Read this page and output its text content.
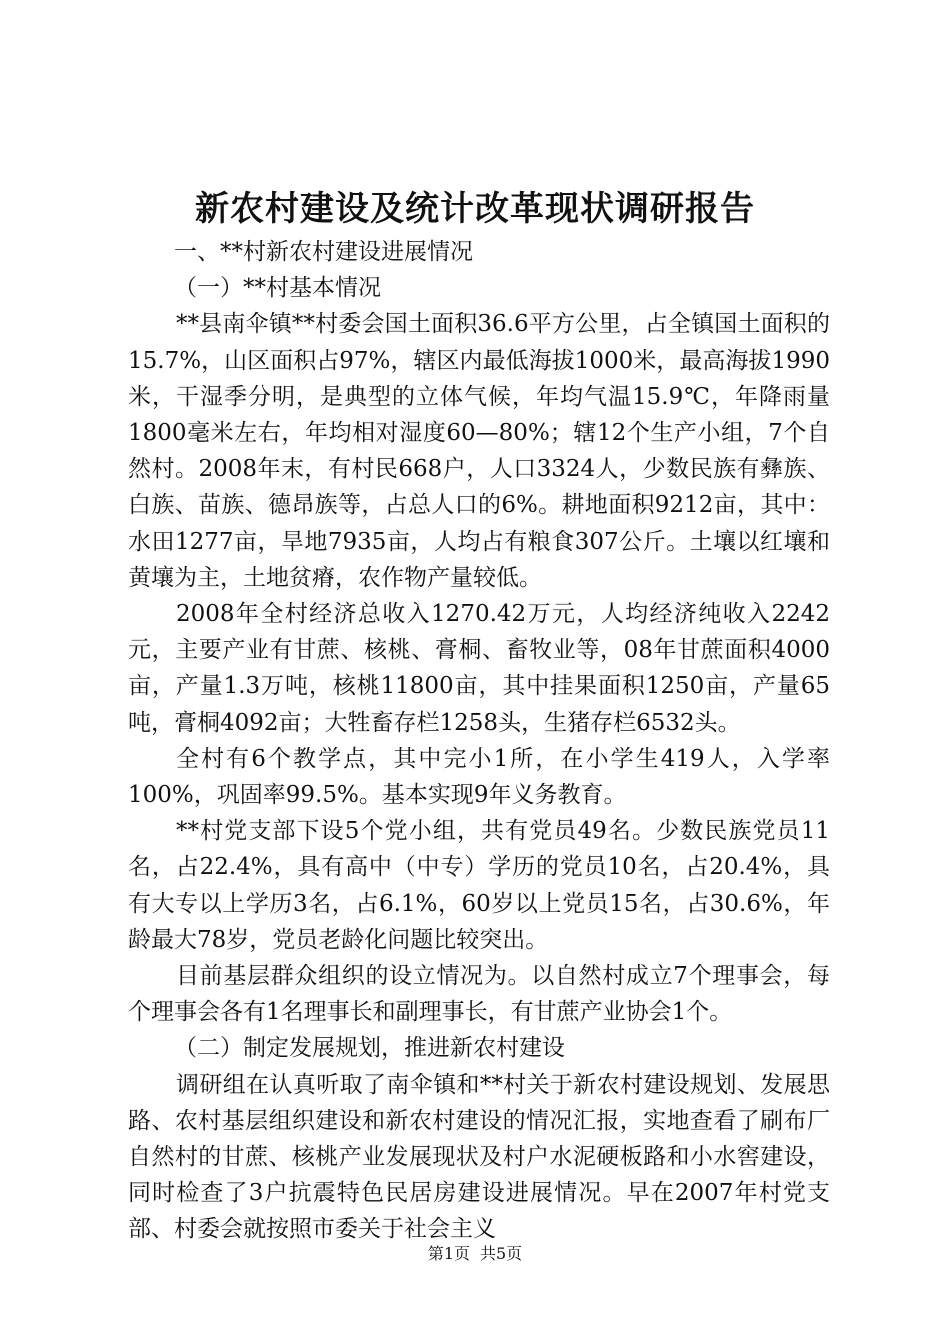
新农村建设及统计改革现状调研报告

一、**村新农村建设进展情况

（一）**村基本情况

**县南伞镇**村委会国土面积36.6平方公里，占全镇国土面积的15.7%，山区面积占97%，辖区内最低海拔1000米，最高海拔1990米，干湿季分明，是典型的立体气候，年均气温15.9℃，年降雨量1800毫米左右，年均相对湿度60—80%；辖12个生产小组，7个自然村。2008年末，有村民668户，人口3324人，少数民族有彝族、白族、苗族、德昂族等，占总人口的6%。耕地面积9212亩，其中：水田1277亩，旱地7935亩，人均占有粮食307公斤。土壤以红壤和黄壤为主，土地贫瘠，农作物产量较低。

2008年全村经济总收入1270.42万元，人均经济纯收入2242元，主要产业有甘蔗、核桃、膏桐、畜牧业等，08年甘蔗面积4000亩，产量1.3万吨，核桃11800亩，其中挂果面积1250亩，产量65吨，膏桐4092亩；大牲畜存栏1258头，生猪存栏6532头。

全村有6个教学点，其中完小1所，在小学生419人，入学率100%，巩固率99.5%。基本实现9年义务教育。

**村党支部下设5个党小组，共有党员49名。少数民族党员11名，占22.4%，具有高中（中专）学历的党员10名，占20.4%，具有大专以上学历3名，占6.1%，60岁以上党员15名，占30.6%，年龄最大78岁，党员老龄化问题比较突出。

目前基层群众组织的设立情况为。以自然村成立7个理事会，每个理事会各有1名理事长和副理事长，有甘蔗产业协会1个。

（二）制定发展规划，推进新农村建设

调研组在认真听取了南伞镇和**村关于新农村建设规划、发展思路、农村基层组织建设和新农村建设的情况汇报，实地查看了刷布厂自然村的甘蔗、核桃产业发展现状及村户水泥硬板路和小水窖建设，同时检查了3户抗震特色民居房建设进展情况。早在2007年村党支部、村委会就按照市委关于社会主义

第1页 共5页
